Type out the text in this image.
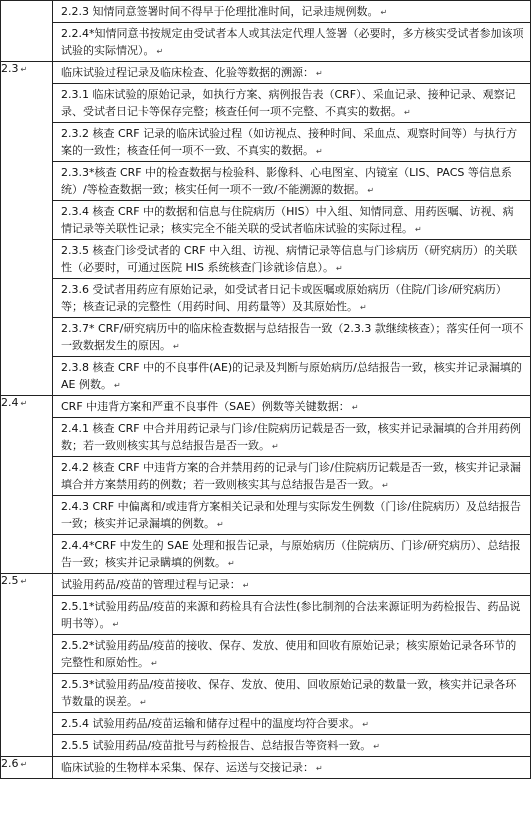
2.2.3 知情同意签署时间不得早于伦理批准时间，记录违规例数。 ↵
2.2.4*知情同意书按规定由受试者本人或其法定代理人签署（必要时，多方核实受试者参加该项试验的实际情况）。 ↵

2.3 ↵		临床试验过程记录及临床检查、化验等数据的溯源： ↵
2.3.1 临床试验的原始记录，如执行方案、病例报告表（CRF）、采血记录、接种记录、观察记录、受试者日记卡等保存完整；核查任何一项不完整、不真实的数据。 ↵
2.3.2 核查 CRF 记录的临床试验过程（如访视点、接种时间、采血点、观察时间等）与执行方案的一致性；核查任何一项不一致、不真实的数据。 ↵
2.3.3*核查 CRF 中的检查数据与检验科、影像科、心电图室、内镜室（LIS、PACS 等信息系统）/等检查数据一致；核实任何一项不一致/不能溯源的数据。 ↵
2.3.4 核查 CRF 中的数据和信息与住院病历（HIS）中入组、知情同意、用药医嘱、访视、病情记录等关联性记录；核实完全不能关联的受试者临床试验的实际过程。 ↵
2.3.5 核查门诊受试者的 CRF 中入组、访视、病情记录等信息与门诊病历（研究病历）的关联性（必要时，可通过医院 HIS 系统核查门诊就诊信息）。 ↵
2.3.6 受试者用药应有原始记录，如受试者日记卡或医嘱或原始病历（住院/门诊/研究病历）等；核查记录的完整性（用药时间、用药量等）及其原始性。 ↵
2.3.7* CRF/研究病历中的临床检查数据与总结报告一致（2.3.3 款继续核查）；落实任何一项不一致数据发生的原因。 ↵
2.3.8 核查 CRF 中的不良事件(AE)的记录及判断与原始病历/总结报告一致，核实并记录漏填的 AE 例数。 ↵

2.4 ↵		CRF 中违背方案和严重不良事件（SAE）例数等关键数据： ↵
2.4.1 核查 CRF 中合并用药记录与门诊/住院病历记载是否一致，核实并记录漏填的合并用药例数；若一致则核实其与总结报告是否一致。 ↵
2.4.2 核查 CRF 中违背方案的合并禁用药的记录与门诊/住院病历记载是否一致，核实并记录漏填合并方案禁用药的例数；若一致则核实其与总结报告是否一致。 ↵
2.4.3 CRF 中偏离和/或违背方案相关记录和处理与实际发生例数（门诊/住院病历）及总结报告一致；核实并记录漏填的例数。 ↵
2.4.4*CRF 中发生的 SAE 处理和报告记录，与原始病历（住院病历、门诊/研究病历）、总结报告一致；核实并记录瞒填的例数。 ↵

2.5 ↵		试验用药品/疫苗的管理过程与记录： ↵
2.5.1*试验用药品/疫苗的来源和药检具有合法性(参比制剂的合法来源证明为药检报告、药品说明书等）。 ↵
2.5.2*试验用药品/疫苗的接收、保存、发放、使用和回收有原始记录；核实原始记录各环节的完整性和原始性。 ↵
2.5.3*试验用药品/疫苗接收、保存、发放、使用、回收原始记录的数量一致，核实并记录各环节数量的误差。 ↵
2.5.4 试验用药品/疫苗运输和储存过程中的温度均符合要求。 ↵
2.5.5 试验用药品/疫苗批号与药检报告、总结报告等资料一致。 ↵

2.6 ↵		临床试验的生物样本采集、保存、运送与交接记录： ↵
